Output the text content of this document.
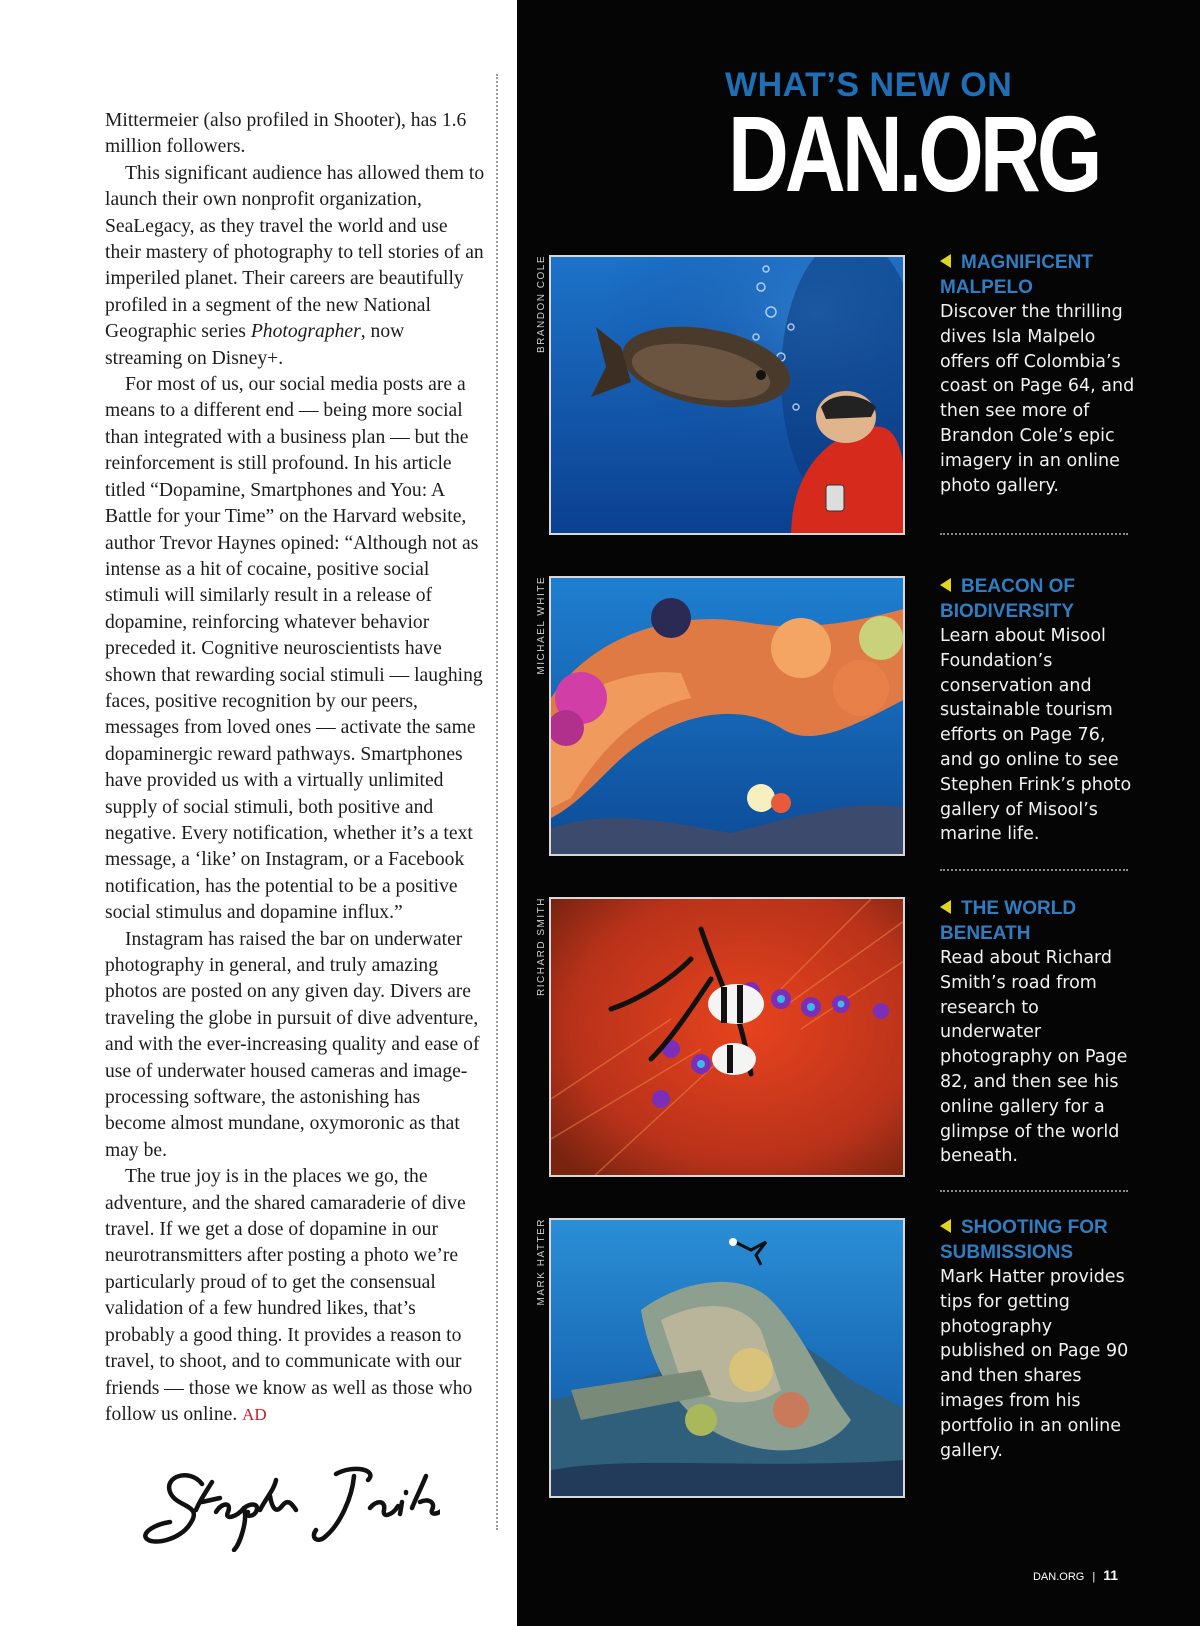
Mittermeier (also profiled in Shooter), has 1.6 million followers.

This significant audience has allowed them to launch their own nonprofit organization, SeaLegacy, as they travel the world and use their mastery of photography to tell stories of an imperiled planet. Their careers are beautifully profiled in a segment of the new National Geographic series Photographer, now streaming on Disney+.

For most of us, our social media posts are a means to a different end — being more social than integrated with a business plan — but the reinforcement is still profound. In his article titled “Dopamine, Smartphones and You: A Battle for your Time” on the Harvard website, author Trevor Haynes opined: “Although not as intense as a hit of cocaine, positive social stimuli will similarly result in a release of dopamine, reinforcing whatever behavior preceded it. Cognitive neuroscientists have shown that rewarding social stimuli — laughing faces, positive recognition by our peers, messages from loved ones — activate the same dopaminergic reward pathways. Smartphones have provided us with a virtually unlimited supply of social stimuli, both positive and negative. Every notification, whether it’s a text message, a ‘like’ on Instagram, or a Facebook notification, has the potential to be a positive social stimulus and dopamine influx.”

Instagram has raised the bar on underwater photography in general, and truly amazing photos are posted on any given day. Divers are traveling the globe in pursuit of dive adventure, and with the ever-increasing quality and ease of use of underwater housed cameras and image-processing software, the astonishing has become almost mundane, oxymoronic as that may be.

The true joy is in the places we go, the adventure, and the shared camaraderie of dive travel. If we get a dose of dopamine in our neurotransmitters after posting a photo we’re particularly proud of to get the consensual validation of a few hundred likes, that’s probably a good thing. It provides a reason to travel, to shoot, and to communicate with our friends — those we know as well as those who follow us online. AD

WHAT’S NEW ON
DAN.ORG
BRANDON COLE	MAGNIFICENT MALPELO
Discover the thrilling dives Isla Malpelo offers off Colombia’s coast on Page 64, and then see more of Brandon Cole’s epic imagery in an online photo gallery.
MICHAEL WHITE	BEACON OF BIODIVERSITY
Learn about Misool Foundation’s conservation and sustainable tourism efforts on Page 76, and go online to see Stephen Frink’s photo gallery of Misool’s marine life.
RICHARD SMITH	THE WORLD BENEATH
Read about Richard Smith’s road from research to underwater photography on Page 82, and then see his online gallery for a glimpse of the world beneath.
MARK HATTER	SHOOTING FOR SUBMISSIONS
Mark Hatter provides tips for getting photography published on Page 90 and then shares images from his portfolio in an online gallery.
DAN.ORG | 11
